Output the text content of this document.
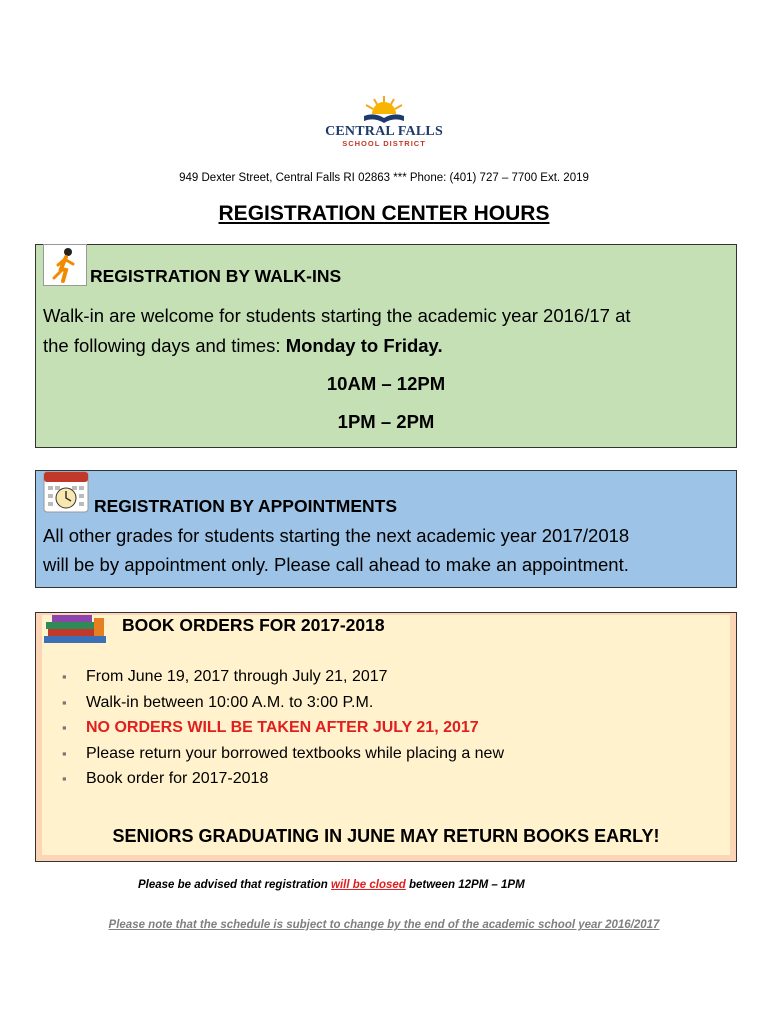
CENTRAL FALLS
SCHOOL DISTRICT
949 Dexter Street, Central Falls RI 02863 *** Phone: (401) 727 – 7700 Ext. 2019
REGISTRATION CENTER HOURS
REGISTRATION BY WALK-INS
Walk-in are welcome for students starting the academic year 2016/17 at
the following days and times: Monday to Friday.
10AM – 12PM
1PM – 2PM
REGISTRATION BY APPOINTMENTS
All other grades for students starting the next academic year 2017/2018
will be by appointment only. Please call ahead to make an appointment.
BOOK ORDERS FOR 2017-2018
▪ From June 19, 2017 through July 21, 2017
▪ Walk-in between 10:00 A.M. to 3:00 P.M.
▪ NO ORDERS WILL BE TAKEN AFTER JULY 21, 2017
▪ Please return your borrowed textbooks while placing a new
▪ Book order for 2017-2018
SENIORS GRADUATING IN JUNE MAY RETURN BOOKS EARLY!
Please be advised that registration will be closed between 12PM – 1PM
Please note that the schedule is subject to change by the end of the academic school year 2016/2017
